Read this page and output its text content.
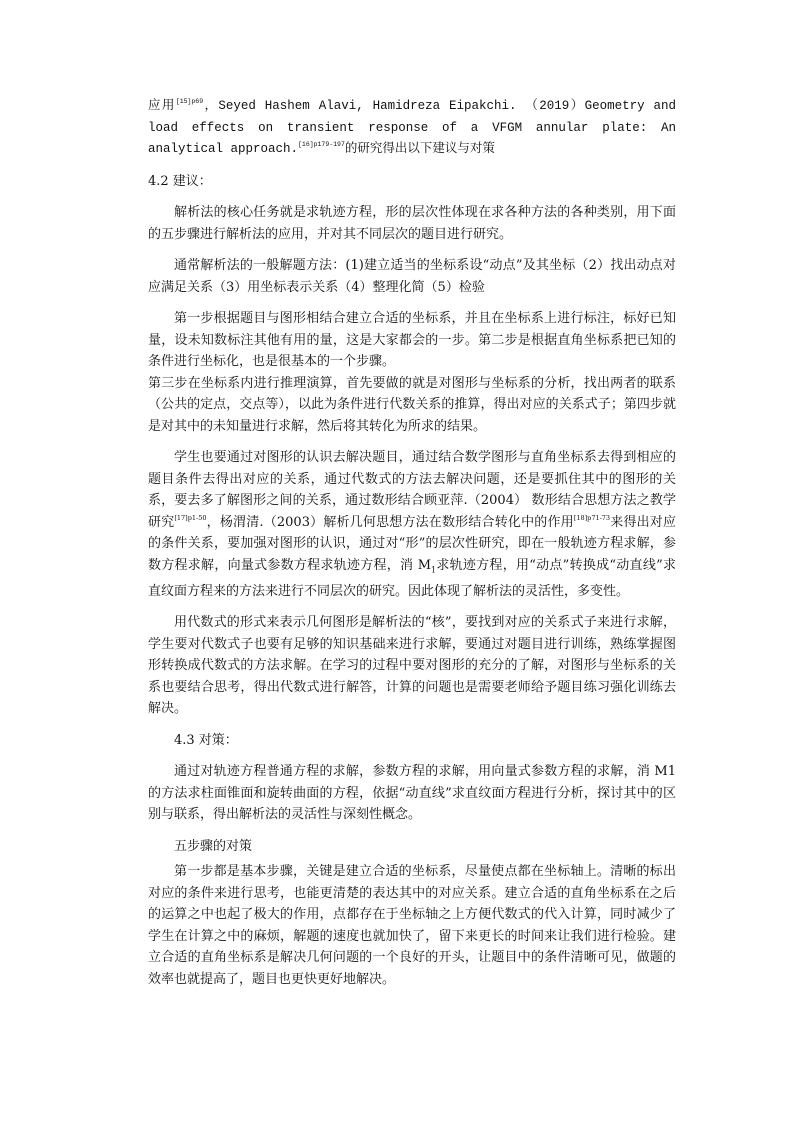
应用$^{[15]p69}$，Seyed Hashem Alavi, Hamidreza Eipakchi. （2019）Geometry and load effects on transient response of a VFGM annular plate: An analytical approach.$^{[16]p179-197}$的研究得出以下建议与对策

4.2 建议：

解析法的核心任务就是求轨迹方程，形的层次性体现在求各种方法的各种类别，用下面的五步骤进行解析法的应用，并对其不同层次的题目进行研究。

通常解析法的一般解题方法：(1)建立适当的坐标系设“动点”及其坐标（2）找出动点对应满足关系（3）用坐标表示关系（4）整理化简（5）检验

第一步根据题目与图形相结合建立合适的坐标系，并且在坐标系上进行标注，标好已知量，设未知数标注其他有用的量，这是大家都会的一步。第二步是根据直角坐标系把已知的条件进行坐标化，也是很基本的一个步骤。

第三步在坐标系内进行推理演算，首先要做的就是对图形与坐标系的分析，找出两者的联系（公共的定点，交点等），以此为条件进行代数关系的推算，得出对应的关系式子；第四步就是对其中的未知量进行求解，然后将其转化为所求的结果。

学生也要通过对图形的认识去解决题目，通过结合数学图形与直角坐标系去得到相应的题目条件去得出对应的关系，通过代数式的方法去解决问题，还是要抓住其中的图形的关系，要去多了解图形之间的关系，通过数形结合顾亚萍.（2004） 数形结合思想方法之教学研究$^{[17]p1-50}$，杨渭清.（2003）解析几何思想方法在数形结合转化中的作用$^{[18]p71-73}$来得出对应的条件关系，要加强对图形的认识，通过对“形”的层次性研究，即在一般轨迹方程求解，参数方程求解，向量式参数方程求轨迹方程，消 $M_1$求轨迹方程，用“动点”转换成“动直线”求直纹面方程来的方法来进行不同层次的研究。因此体现了解析法的灵活性，多变性。

用代数式的形式来表示几何图形是解析法的“核”，要找到对应的关系式子来进行求解，学生要对代数式子也要有足够的知识基础来进行求解，要通过对题目进行训练，熟练掌握图形转换成代数式的方法求解。在学习的过程中要对图形的充分的了解，对图形与坐标系的关系也要结合思考，得出代数式进行解答，计算的问题也是需要老师给予题目练习强化训练去解决。

4.3 对策：

通过对轨迹方程普通方程的求解，参数方程的求解，用向量式参数方程的求解，消 M1 的方法求柱面锥面和旋转曲面的方程，依据“动直线”求直纹面方程进行分析，探讨其中的区别与联系，得出解析法的灵活性与深刻性概念。

五步骤的对策

第一步都是基本步骤，关键是建立合适的坐标系，尽量使点都在坐标轴上。清晰的标出对应的条件来进行思考，也能更清楚的表达其中的对应关系。建立合适的直角坐标系在之后的运算之中也起了极大的作用，点都存在于坐标轴之上方便代数式的代入计算，同时减少了学生在计算之中的麻烦，解题的速度也就加快了，留下来更长的时间来让我们进行检验。建立合适的直角坐标系是解决几何问题的一个良好的开头，让题目中的条件清晰可见，做题的效率也就提高了，题目也更快更好地解决。
